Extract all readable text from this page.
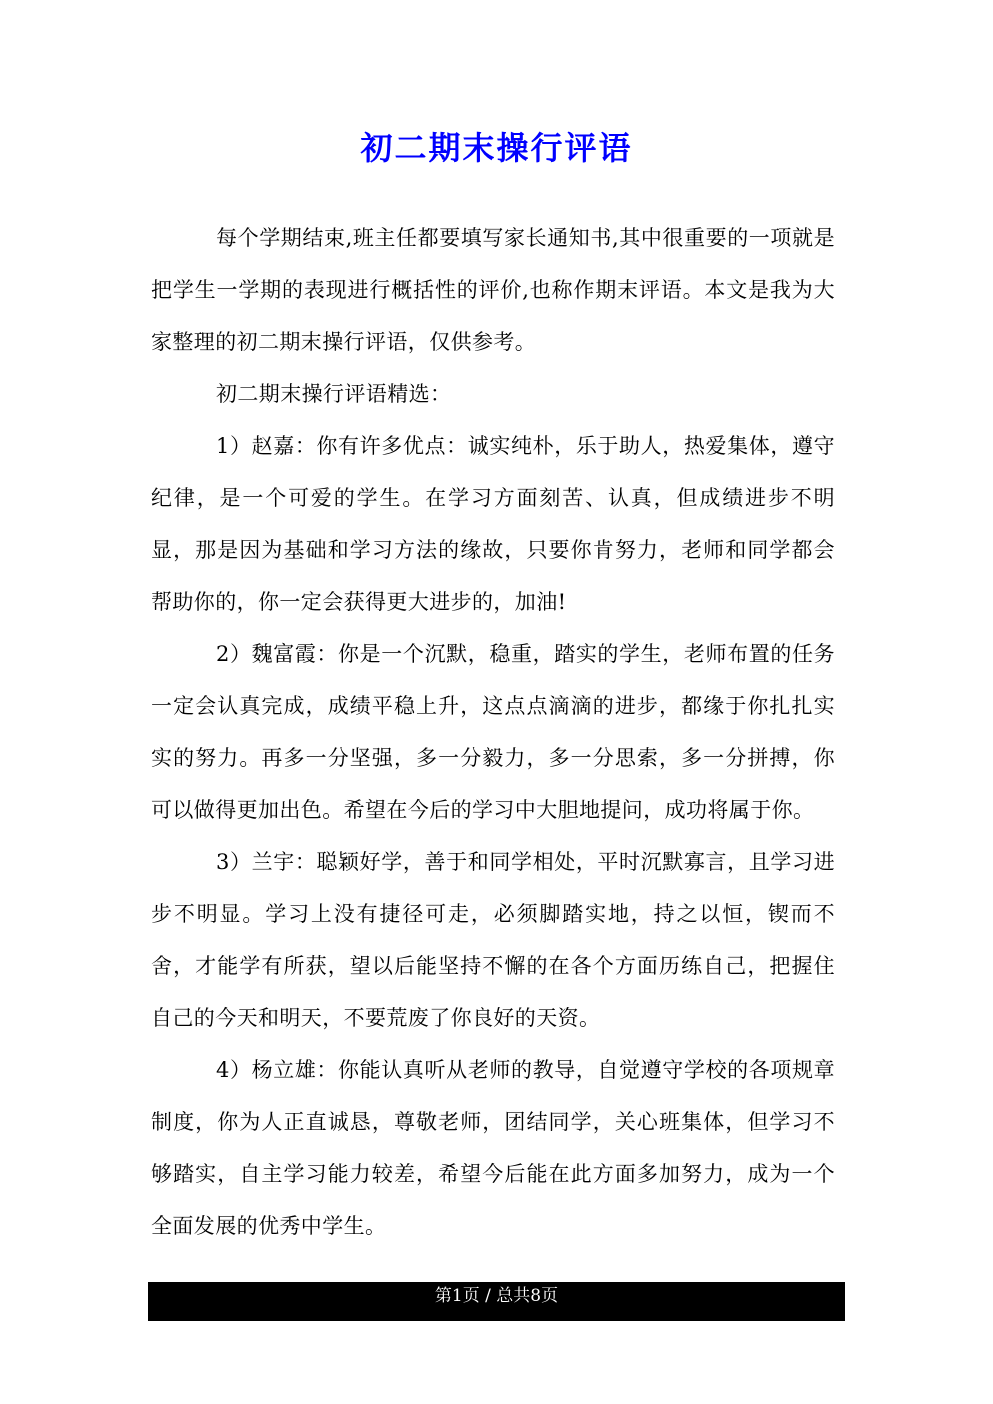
初二期末操行评语

每个学期结束,班主任都要填写家长通知书,其中很重要的一项就是把学生一学期的表现进行概括性的评价,也称作期末评语。本文是我为大家整理的初二期末操行评语，仅供参考。

初二期末操行评语精选：

1）赵嘉：你有许多优点：诚实纯朴，乐于助人，热爱集体，遵守纪律，是一个可爱的学生。在学习方面刻苦、认真，但成绩进步不明显，那是因为基础和学习方法的缘故，只要你肯努力，老师和同学都会帮助你的，你一定会获得更大进步的，加油!

2）魏富霞：你是一个沉默，稳重，踏实的学生，老师布置的任务一定会认真完成，成绩平稳上升，这点点滴滴的进步，都缘于你扎扎实实的努力。再多一分坚强，多一分毅力，多一分思索，多一分拼搏，你可以做得更加出色。希望在今后的学习中大胆地提问，成功将属于你。

3）兰宇：聪颖好学，善于和同学相处，平时沉默寡言，且学习进步不明显。学习上没有捷径可走，必须脚踏实地，持之以恒，锲而不舍，才能学有所获，望以后能坚持不懈的在各个方面历练自己，把握住自己的今天和明天，不要荒废了你良好的天资。

4）杨立雄：你能认真听从老师的教导，自觉遵守学校的各项规章制度，你为人正直诚恳，尊敬老师，团结同学，关心班集体，但学习不够踏实，自主学习能力较差，希望今后能在此方面多加努力，成为一个全面发展的优秀中学生。

第1页 / 总共8页
